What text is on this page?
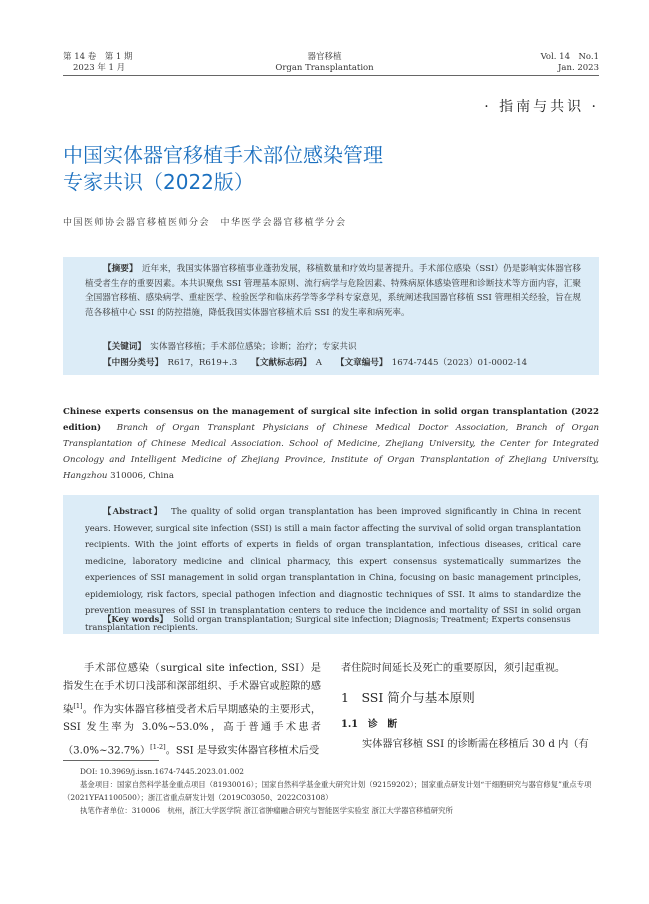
第 14 卷　第 1 期
2023 年 1 月
器官移植
Organ Transplantation
Vol. 14　No.1
Jan. 2023
· 指南与共识 ·
中国实体器官移植手术部位感染管理
专家共识（2022版）
中国医师协会器官移植医师分会　中华医学会器官移植学分会
【摘要】　 近年来，我国实体器官移植事业蓬勃发展，移植数量和疗效均显著提升。手术部位感染（SSI）仍是影响实体器官移植受者生存的重要因素。本共识聚焦 SSI 管理基本原则、流行病学与危险因素、特殊病原体感染管理和诊断技术等方面内容，汇聚全国器官移植、感染病学、重症医学、检验医学和临床药学等多学科专家意见，系统阐述我国器官移植 SSI 管理相关经验，旨在规范各移植中心 SSI 的防控措施，降低我国实体器官移植术后 SSI 的发生率和病死率。
【关键词】　 实体器官移植；手术部位感染；诊断；治疗；专家共识
【中图分类号】　 R617，R619+.3 【文献标志码】　 A 【文章编号】　 1674-7445（2023）01-0002-14
Chinese experts consensus on the management of surgical site infection in solid organ transplantation (2022 edition) Branch of Organ Transplant Physicians of Chinese Medical Doctor Association, Branch of Organ Transplantation of Chinese Medical Association. School of Medicine, Zhejiang University, the Center for Integrated Oncology and Intelligent Medicine of Zhejiang Province, Institute of Organ Transplantation of Zhejiang University, Hangzhou 310006, China
【Abstract】 The quality of solid organ transplantation has been improved significantly in China in recent years. However, surgical site infection (SSI) is still a main factor affecting the survival of solid organ transplantation recipients. With the joint efforts of experts in fields of organ transplantation, infectious diseases, critical care medicine, laboratory medicine and clinical pharmacy, this expert consensus systematically summarizes the experiences of SSI management in solid organ transplantation in China, focusing on basic management principles, epidemiology, risk factors, special pathogen infection and diagnostic techniques of SSI. It aims to standardize the prevention measures of SSI in transplantation centers to reduce the incidence and mortality of SSI in solid organ transplantation recipients.
【Key words】 Solid organ transplantation; Surgical site infection; Diagnosis; Treatment; Experts consensus
手术部位感染（surgical site infection, SSI）是指发生在手术切口浅部和深部组织、手术器官或腔隙的感染[1]。作为实体器官移植受者术后早期感染的主要形式，SSI 发生率为 3.0%~53.0%，高于普通手术患者（3.0%~32.7%）[1-2]。SSI 是导致实体器官移植术后受
者住院时间延长及死亡的重要原因，须引起重视。
1　SSI 简介与基本原则
1.1　诊　断
实体器官移植 SSI 的诊断需在移植后 30 d 内（有
DOI: 10.3969/j.issn.1674-7445.2023.01.002
基金项目：国家自然科学基金重点项目（81930016）；国家自然科学基金重大研究计划（92159202）；国家重点研发计划“干细胞研究与器官修复”重点专项（2021YFA1100500）；浙江省重点研发计划（2019C03050、2022C03108）
执笔作者单位：310006　杭州，浙江大学医学院 浙江省肿瘤融合研究与智能医学实验室 浙江大学器官移植研究所
